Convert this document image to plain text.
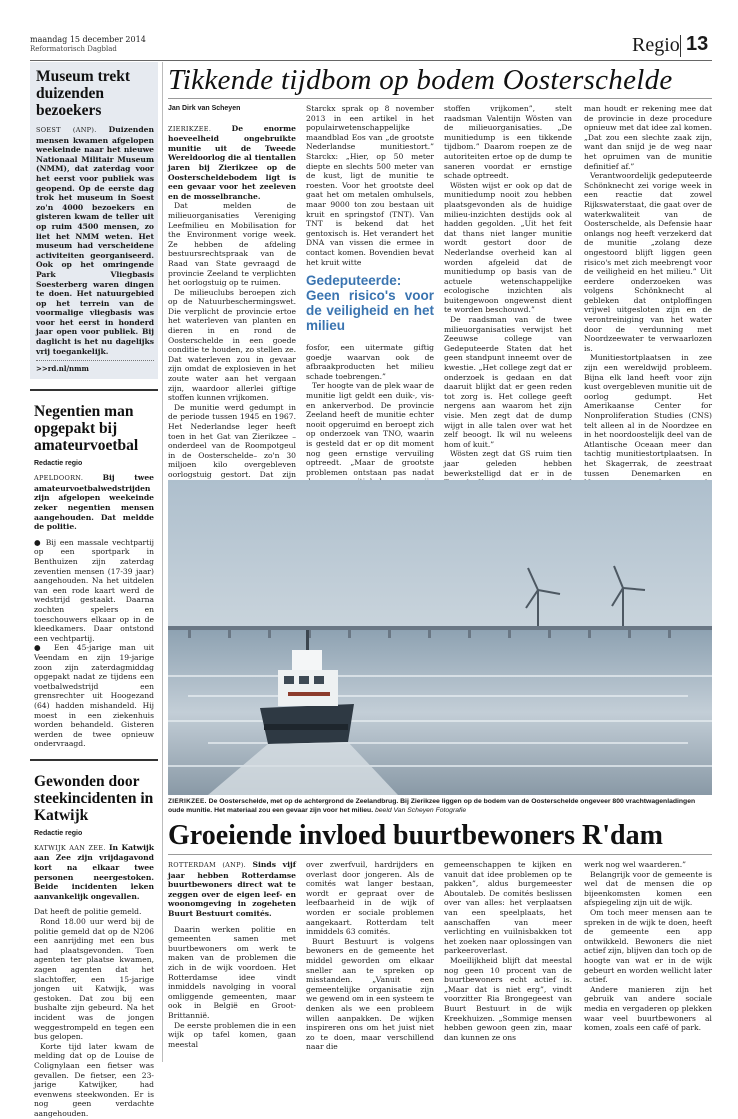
maandag 15 december 2014
Reformatorisch Dagblad	Regio 13
Museum trekt duizenden bezoekers

SOEST (ANP). Duizenden mensen kwamen afgelopen weekeinde naar het nieuwe Nationaal Militair Museum (NMM), dat zaterdag voor het eerst voor publiek was geopend. Op de eerste dag trok het museum in Soest zo'n 4000 bezoekers en gisteren kwam de teller uit op ruim 4500 mensen, zo liet het NMM weten. Het museum had verscheidene activiteiten georganiseerd. Ook op het omringende Park Vliegbasis Soesterberg waren dingen te doen. Het natuurgebied op het terrein van de voormalige vliegbasis was voor het eerst in honderd jaar open voor publiek. Bij daglicht is het nu dagelijks vrij toegankelijk.

>>rd.nl/nmm
Negentien man opgepakt bij amateurvoetbal
Redactie regio

APELDOORN.	Bij twee amateurvoetbalwedstrijden zijn afgelopen weekeinde zeker negentien mensen aangehouden. Dat meldde de politie.

● Bij een massale vechtpartij op een sportpark in Benthuizen zijn zaterdag zeventien mensen (17-39 jaar) aangehouden. Na het uitdelen van een rode kaart werd de wedstrijd gestaakt. Daarna zochten spelers en toeschouwers elkaar op in de kleedkamers. Daar ontstond een vechtpartij.

● Een 45-jarige man uit Veendam en zijn 19-jarige zoon zijn zaterdagmiddag opgepakt nadat ze tijdens een voetbalwedstrijd een grensrechter uit Hoogezand (64) hadden mishandeld. Hij moest in een ziekenhuis worden behandeld. Gisteren werden de twee opnieuw ondervraagd.

Gewonden door steekincidenten in Katwijk
Redactie regio

KATWIJK AAN ZEE. In Katwijk aan Zee zijn vrijdagavond kort na elkaar twee personen neergestoken. Beide incidenten leken aanvankelijk ongevallen.

Dat heeft de politie gemeld.

Rond 18.00 uur werd bij de politie gemeld dat op de N206 een aanrijding met een bus had plaatsgevonden. Toen agenten ter plaatse kwamen, zagen agenten dat het slachtoffer, een 15-jarige jongen uit Katwijk, was gestoken. Dat zou bij een bushalte zijn gebeurd. Na het incident was de jongen weggestrompeld en tegen een bus gelopen.

Korte tijd later kwam de melding dat op de Louise de Colignylaan een fietser was gevallen. De fietser, een 23-jarige Katwijker, had evenwens steekwonden. Er is nog geen verdachte aangehouden.

Tikkende tijdbom op bodem Oosterschelde
Jan Dirk van Scheyen

ZIERIKZEE.	De enorme hoeveelheid ongebruikte munitie uit de Tweede Wereldoorlog die al tientallen jaren bij Zierikzee op de Oosterscheldebodem ligt is een gevaar voor het zeeleven en de mosselbranche.

Dat melden de milieuorganisaties Vereniging Leefmilieu en Mobilisation for the Environment vorige week. Ze hebben de afdeling bestuursrechtspraak van de Raad van State gevraagd de provincie Zeeland te verplichten het oorlogstuig op te ruimen.

De milieuclubs beroepen zich op de Natuurbeschermingswet. Die verplicht de provincie ertoe het waterleven van planten en dieren in en rond de Oosterschelde in een goede conditie te houden, zo stellen ze. Dat waterleven zou in gevaar zijn omdat de explosieven in het zoute water aan het vergaan zijn, waardoor allerlei giftige stoffen kunnen vrijkomen.

De munitie werd gedumpt in de periode tussen 1945 en 1967. Het Nederlandse leger heeft toen in het Gat van Zierikzee –onderdeel van de Roompotgeul in de Oosterschelde– zo'n 30 miljoen kilo overgebleven oorlogstuig gestort. Dat zijn

Starckx sprak op 8 november 2013 in een artikel in het populairwetenschappelijke maandblad Eos van „de grootste Nederlandse munitiestort.” Starckx: „Hier, op 50 meter diepte en slechts 500 meter van de kust, ligt de munitie te roesten. Voor het grootste deel gaat het om metalen omhulsels, maar 9000 ton zou bestaan uit kruit en springstof (TNT). Van TNT is bekend dat het gentoxisch is. Het verandert het DNA van vissen die ermee in contact komen. Bovendien bevat het kruit witte

Gedeputeerde: Geen risico's voor de veiligheid en het milieu

fosfor, een uitermate giftig goedje waarvan ook de afbraakproducten het milieu schade toebrengen.”

Ter hoogte van de plek waar de munitie ligt geldt een duik-, vis- en ankerverbod. De provincie Zeeland heeft de munitie echter nooit opgeruimd en beroept zich op onderzoek van TNO, waarin is gesteld dat er op dit moment nog geen ernstige vervuiling optreedt. „Maar de grootste problemen ontstaan pas nadat

stoffen vrijkomen”, stelt raadsman Valentijn Wösten van de milieuorganisaties. „De munitiedump is een tikkende tijdbom.” Daarom roepen ze de autoriteiten ertoe op de dump te saneren voordat er ernstige schade optreedt.

Wösten wijst er ook op dat de munitiedump nooit zou hebben plaatsgevonden als de huidige milieu-inzichten destijds ook al hadden gegolden. „Uit het feit dat thans niet langer munitie wordt gestort door de Nederlandse overheid kan al worden afgeleid dat de munitiedump op basis van de actuele wetenschappelijke ecologische inzichten als buitengewoon ongewenst dient te worden beschouwd.”

De raadsman van de twee milieuorganisaties verwijst het Zeeuwse college van Gedeputeerde Staten dat het geen standpunt inneemt over de kwestie. „Het college zegt dat er onderzoek is gedaan en dat daaruit blijkt dat er geen reden tot zorg is. Het college geeft nergens aan waarom het zijn visie. Men zegt dat de dump wijgt in alle talen over wat het zelf beoogt. Ik wil nu weleens hom of kuit.”

Wösten zegt dat GS ruim tien jaar geleden hebben bewerkstelligd dat er in de

man houdt er rekening mee dat de provincie in deze procedure opnieuw met dat idee zal komen. „Dat zou een slechte zaak zijn, want dan snijd je de weg naar het opruimen van de munitie definitief af.”

Verantwoordelijk gedeputeerde Schönknecht zei vorige week in een reactie dat zowel Rijkswaterstaat, die gaat over de waterkwaliteit van de Oosterschelde, als Defensie haar onlangs nog heeft verzekerd dat de munitie „zolang deze ongestoord blijft liggen geen risico's met zich meebrengt voor de veiligheid en het milieu.” Uit eerdere onderzoeken was volgens Schönknecht al gebleken dat ontploffingen vrijwel uitgesloten zijn en de verontreiniging van het water door de verdunning met Noordzeewater te verwaarlozen is.

Munitiestortplaatsen in zee zijn een wereldwijd probleem. Bijna elk land heeft voor zijn kust overgebleven munitie uit de oorlog gedumpt. Het Amerikaanse Center for Nonproliferation Studies (CNS) telt alleen al in de Noordzee en in het noordoostelijk deel van de Atlantische Oceaan meer dan tachtig munitiestortplaatsen. In het Skagerrak, de zeestraat tussen Denemarken en

ZIERIKZEE. De Oosterschelde, met op de achtergrond de Zeelandbrug. Bij Zierikzee liggen op de bodem van de Oosterschelde ongeveer 800 vrachtwagenladingen oude munitie. Het materiaal zou een gevaar zijn voor het milieu. beeld Van Scheyen Fotografie
Groeiende invloed buurtbewoners R'dam

ROTTERDAM (ANP). Sinds vijf jaar hebben Rotterdamse buurtbewoners direct wat te zeggen over de eigen leef- en woonomgeving in zogeheten Buurt Bestuurt comités.

Daarin werken politie en gemeenten samen met buurtbewoners om werk te maken van de problemen die zich in de wijk voordoen. Het Rotterdamse idee vindt inmiddels navolging in vooral omliggende gemeenten, maar ook in België en Groot-Brittannië.

De eerste problemen die in een wijk op tafel komen, gaan meestal

over zwerfvuil, hardrijders en overlast door jongeren. Als de comités wat langer bestaan, wordt er gepraat over de leefbaarheid in de wijk of worden er sociale problemen aangekaart. Rotterdam telt inmiddels 63 comités.

Buurt Bestuurt is volgens bewoners en de gemeente het middel geworden om elkaar sneller aan te spreken op misstanden. „Vanuit een gemeentelijke organisatie zijn we gewend om in een systeem te denken als we een probleem willen aanpakken. De wijken inspireren ons om het juist niet zo te doen, maar verschillend naar die

gemeenschappen te kijken en vanuit dat idee problemen op te pakken”, aldus burgemeester Aboutaleb. De comités beslissen over van alles: het verplaatsen van een speelplaats, het aanschaffen van meer verlichting en vuilnisbakken tot het zoeken naar oplossingen van parkeeroverlast.

Moeilijkheid blijft dat meestal nog geen 10 procent van de buurtbewoners echt actief is. „Maar dat is niet erg”, vindt voorzitter Ria Brongegeest van Buurt Bestuurt in de wijk Kreekhuizen. „Sommige mensen hebben gewoon geen zin, maar dan kunnen ze ons

werk nog wel waarderen.”

Belangrijk voor de gemeente is wel dat de mensen die op bijeenkomsten komen een afspiegeling zijn uit de wijk.

Om toch meer mensen aan te spreken in de wijk te doen, heeft de gemeente een app ontwikkeld. Bewoners die niet actief zijn, blijven dan toch op de hoogte van wat er in de wijk gebeurt en worden wellicht later actief.

Andere manieren zijn het gebruik van andere sociale media en vergaderen op plekken waar veel buurtbewoners al komen, zoals een café of park.
